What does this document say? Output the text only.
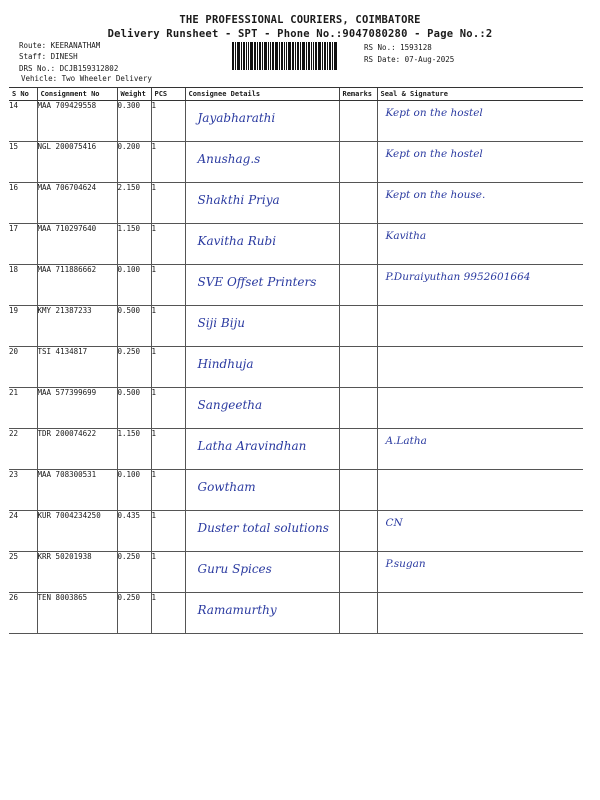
THE PROFESSIONAL COURIERS, COIMBATORE
Delivery Runsheet - SPT - Phone No.:9047080280 - Page No.:2
Route: KEERANATHAM
Staff: DINESH
DRS No.: DCJB159312802
Vehicle: Two Wheeler Delivery
RS No.: 1593128
RS Date: 07-Aug-2025
S No	Consignment No	Weight	PCS	Consignee Details	Remarks	Seal & Signature
14	MAA 709429558	0.300	1	Jayabharathi		Kept on the hostel

15	NGL 200075416	0.200	1	Anushag.s		Kept on the hostel

16	MAA 706704624	2.150	1	Shakthi Priya		Kept on the house.

17	MAA 710297640	1.150	1	Kavitha Rubi		Kavitha

18	MAA 711886662	0.100	1	SVE Offset Printers		P.Duraiyuthan 9952601664

19	KMY 21387233	0.500	1	Siji Biju		

20	TSI 4134817	0.250	1	Hindhuja		

21	MAA 577399699	0.500	1	Sangeetha		

22	TDR 200074622	1.150	1	Latha Aravindhan		A.Latha

23	MAA 708300531	0.100	1	Gowtham		

24	KUR 7004234250	0.435	1	Duster total solutions		CN

25	KRR 50201938	0.250	1	Guru Spices		P.sugan

26	TEN 8003865	0.250	1	Ramamurthy		
